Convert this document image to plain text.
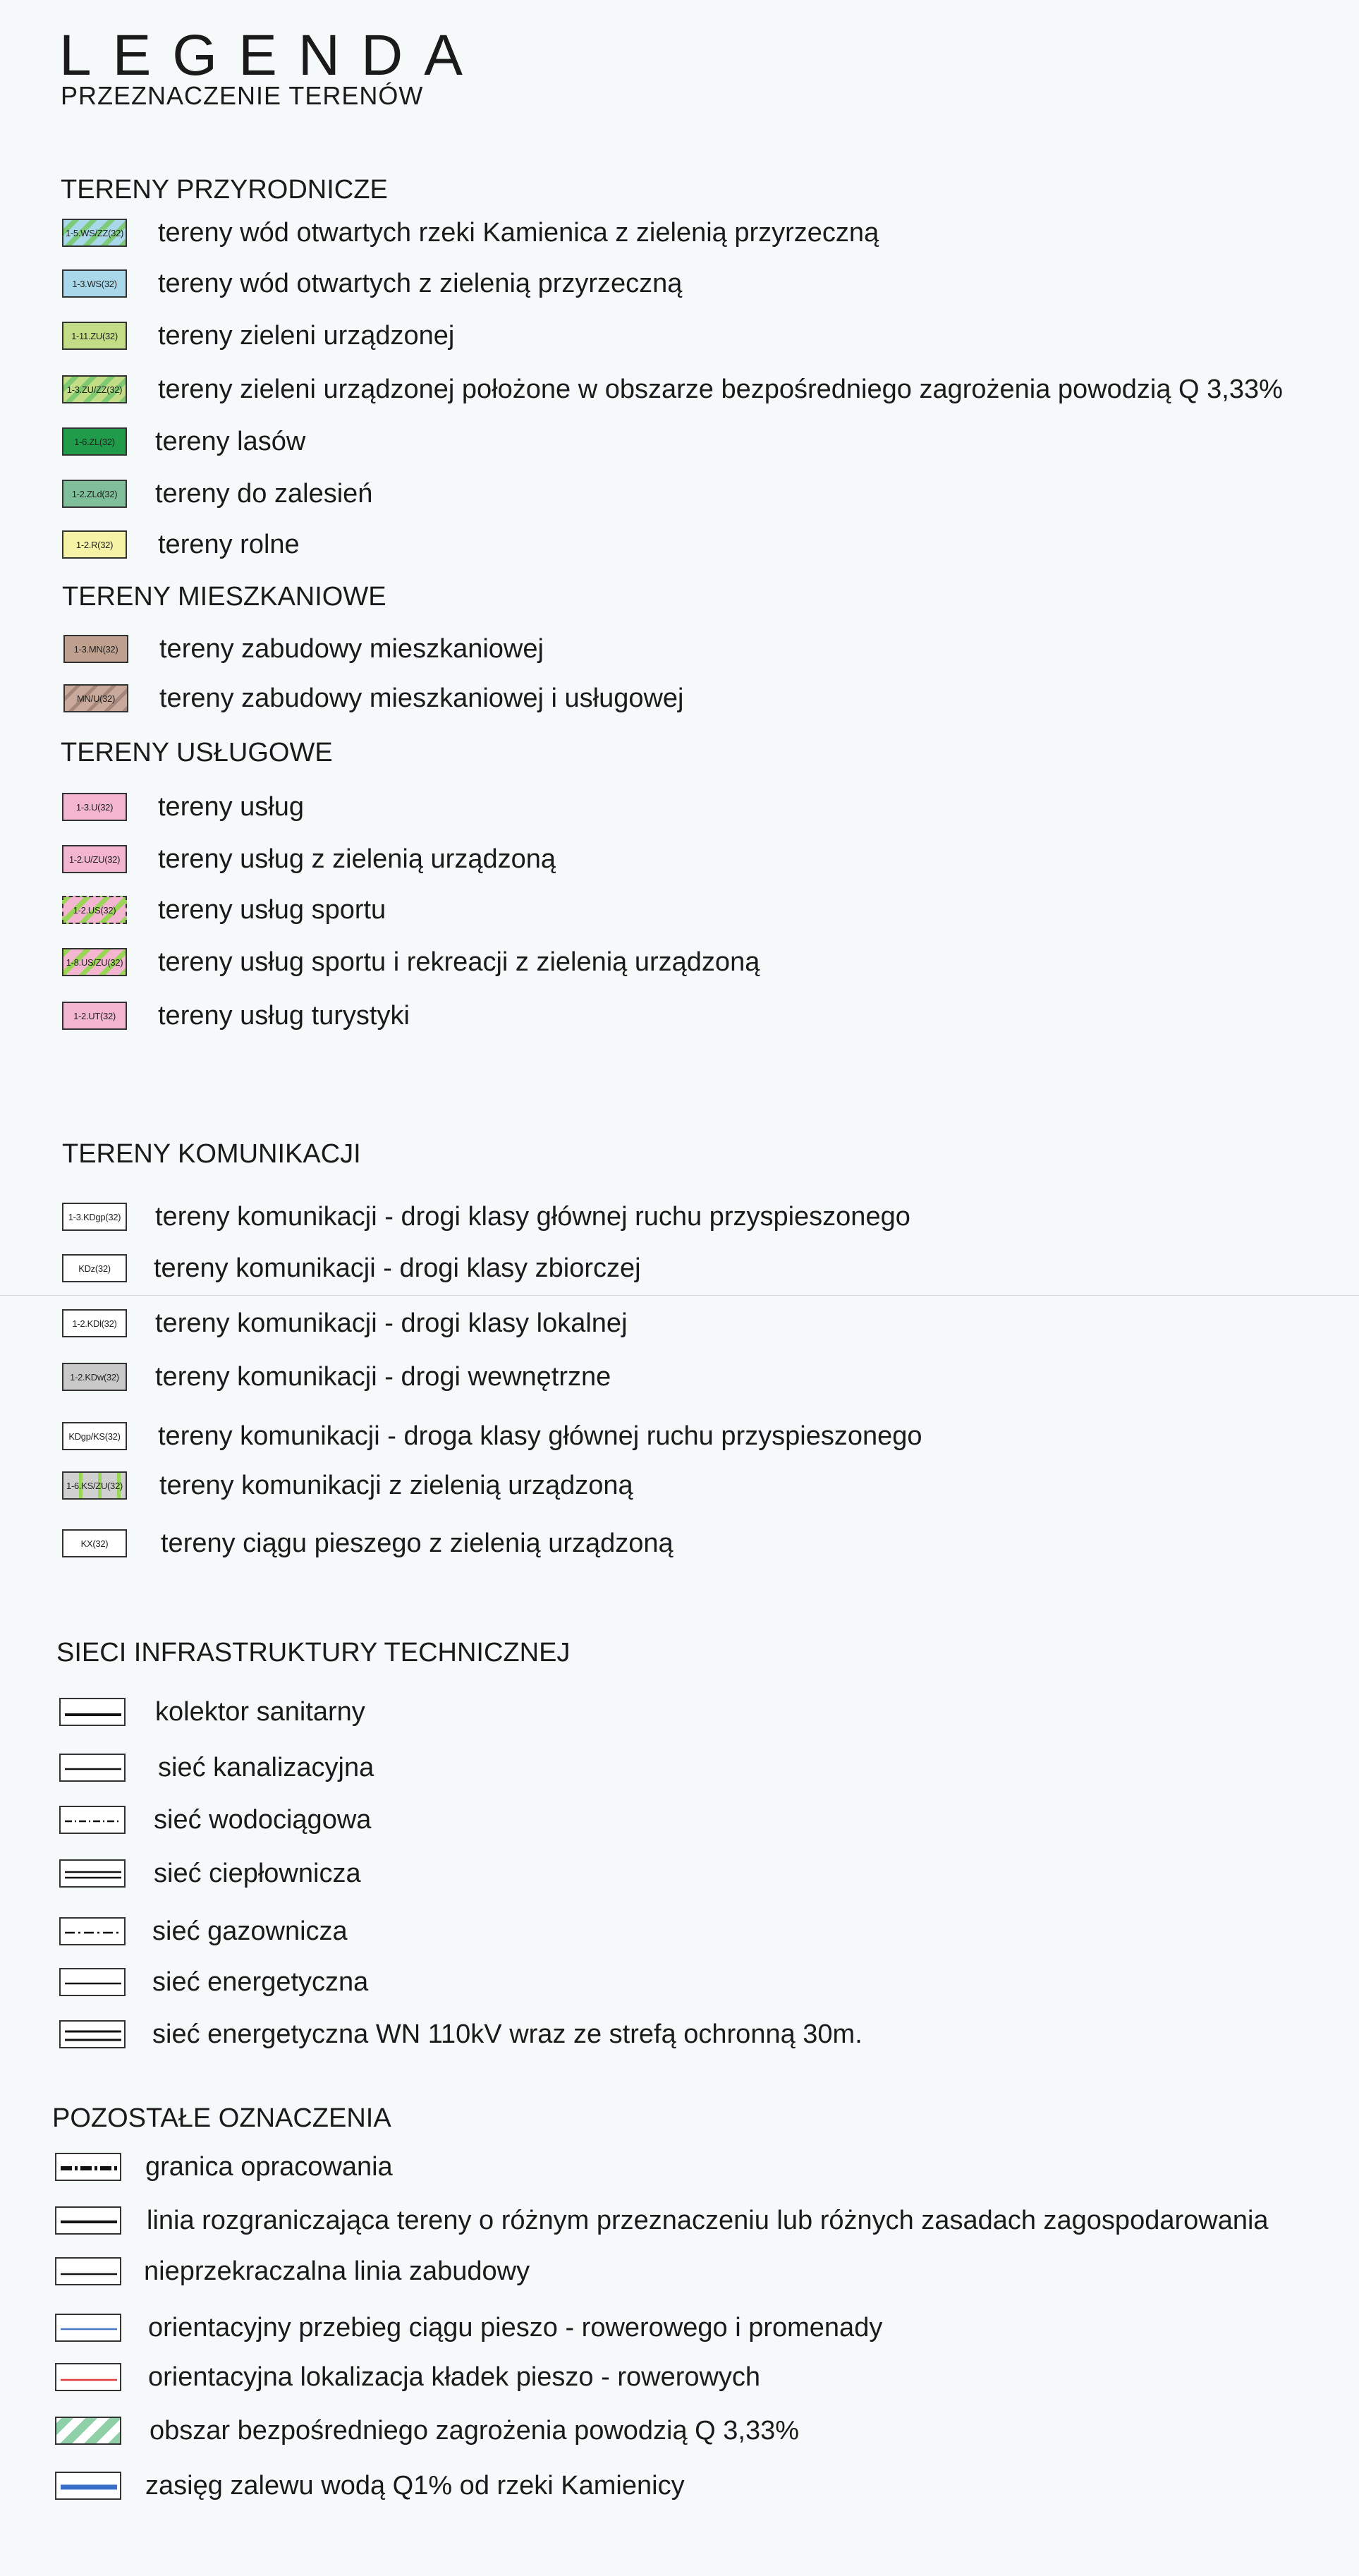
LEGENDA
PRZEZNACZENIE TERENÓW
TERENY PRZYRODNICZE
1-5.WS/ZZ(32) tereny wód otwartych rzeki Kamienica z zielenią przyrzeczną
1-3.WS(32) tereny wód otwartych z zielenią przyrzeczną
1-11.ZU(32) tereny zieleni urządzonej
1-3.ZU/ZZ(32) tereny zieleni urządzonej położone w obszarze bezpośredniego zagrożenia powodzią Q 3,33%
1-6.ZL(32) tereny lasów
1-2.ZLd(32) tereny do zalesień
1-2.R(32) tereny rolne
TERENY MIESZKANIOWE
1-3.MN(32) tereny zabudowy mieszkaniowej
MN/U(32) tereny zabudowy mieszkaniowej i usługowej
TERENY USŁUGOWE
1-3.U(32) tereny usług
1-2.U/ZU(32) tereny usług z zielenią urządzoną
1-2.US(32) tereny usług sportu
1-8.US/ZU(32) tereny usług sportu i rekreacji z zielenią urządzoną
1-2.UT(32) tereny usług turystyki
TERENY KOMUNIKACJI
1-3.KDgp(32) tereny komunikacji - drogi klasy głównej ruchu przyspieszonego
KDz(32) tereny komunikacji - drogi klasy zbiorczej
1-2.KDl(32) tereny komunikacji - drogi klasy lokalnej
1-2.KDw(32) tereny komunikacji - drogi wewnętrzne
KDgp/KS(32) tereny komunikacji - droga klasy głównej ruchu przyspieszonego
1-6.KS/ZU(32) tereny komunikacji z zielenią urządzoną
KX(32) tereny ciągu pieszego z zielenią urządzoną
SIECI INFRASTRUKTURY TECHNICZNEJ
kolektor sanitarny
sieć kanalizacyjna
sieć wodociągowa
sieć ciepłownicza
sieć gazownicza
sieć energetyczna
sieć energetyczna WN 110kV wraz ze strefą ochronną 30m.
POZOSTAŁE OZNACZENIA
granica opracowania
linia rozgraniczająca tereny o różnym przeznaczeniu lub różnych zasadach zagospodarowania
nieprzekraczalna linia zabudowy
orientacyjny przebieg ciągu pieszo - rowerowego i promenady
orientacyjna lokalizacja kładek pieszo - rowerowych
obszar bezpośredniego zagrożenia powodzią Q 3,33%
zasięg zalewu wodą Q1% od rzeki Kamienicy
